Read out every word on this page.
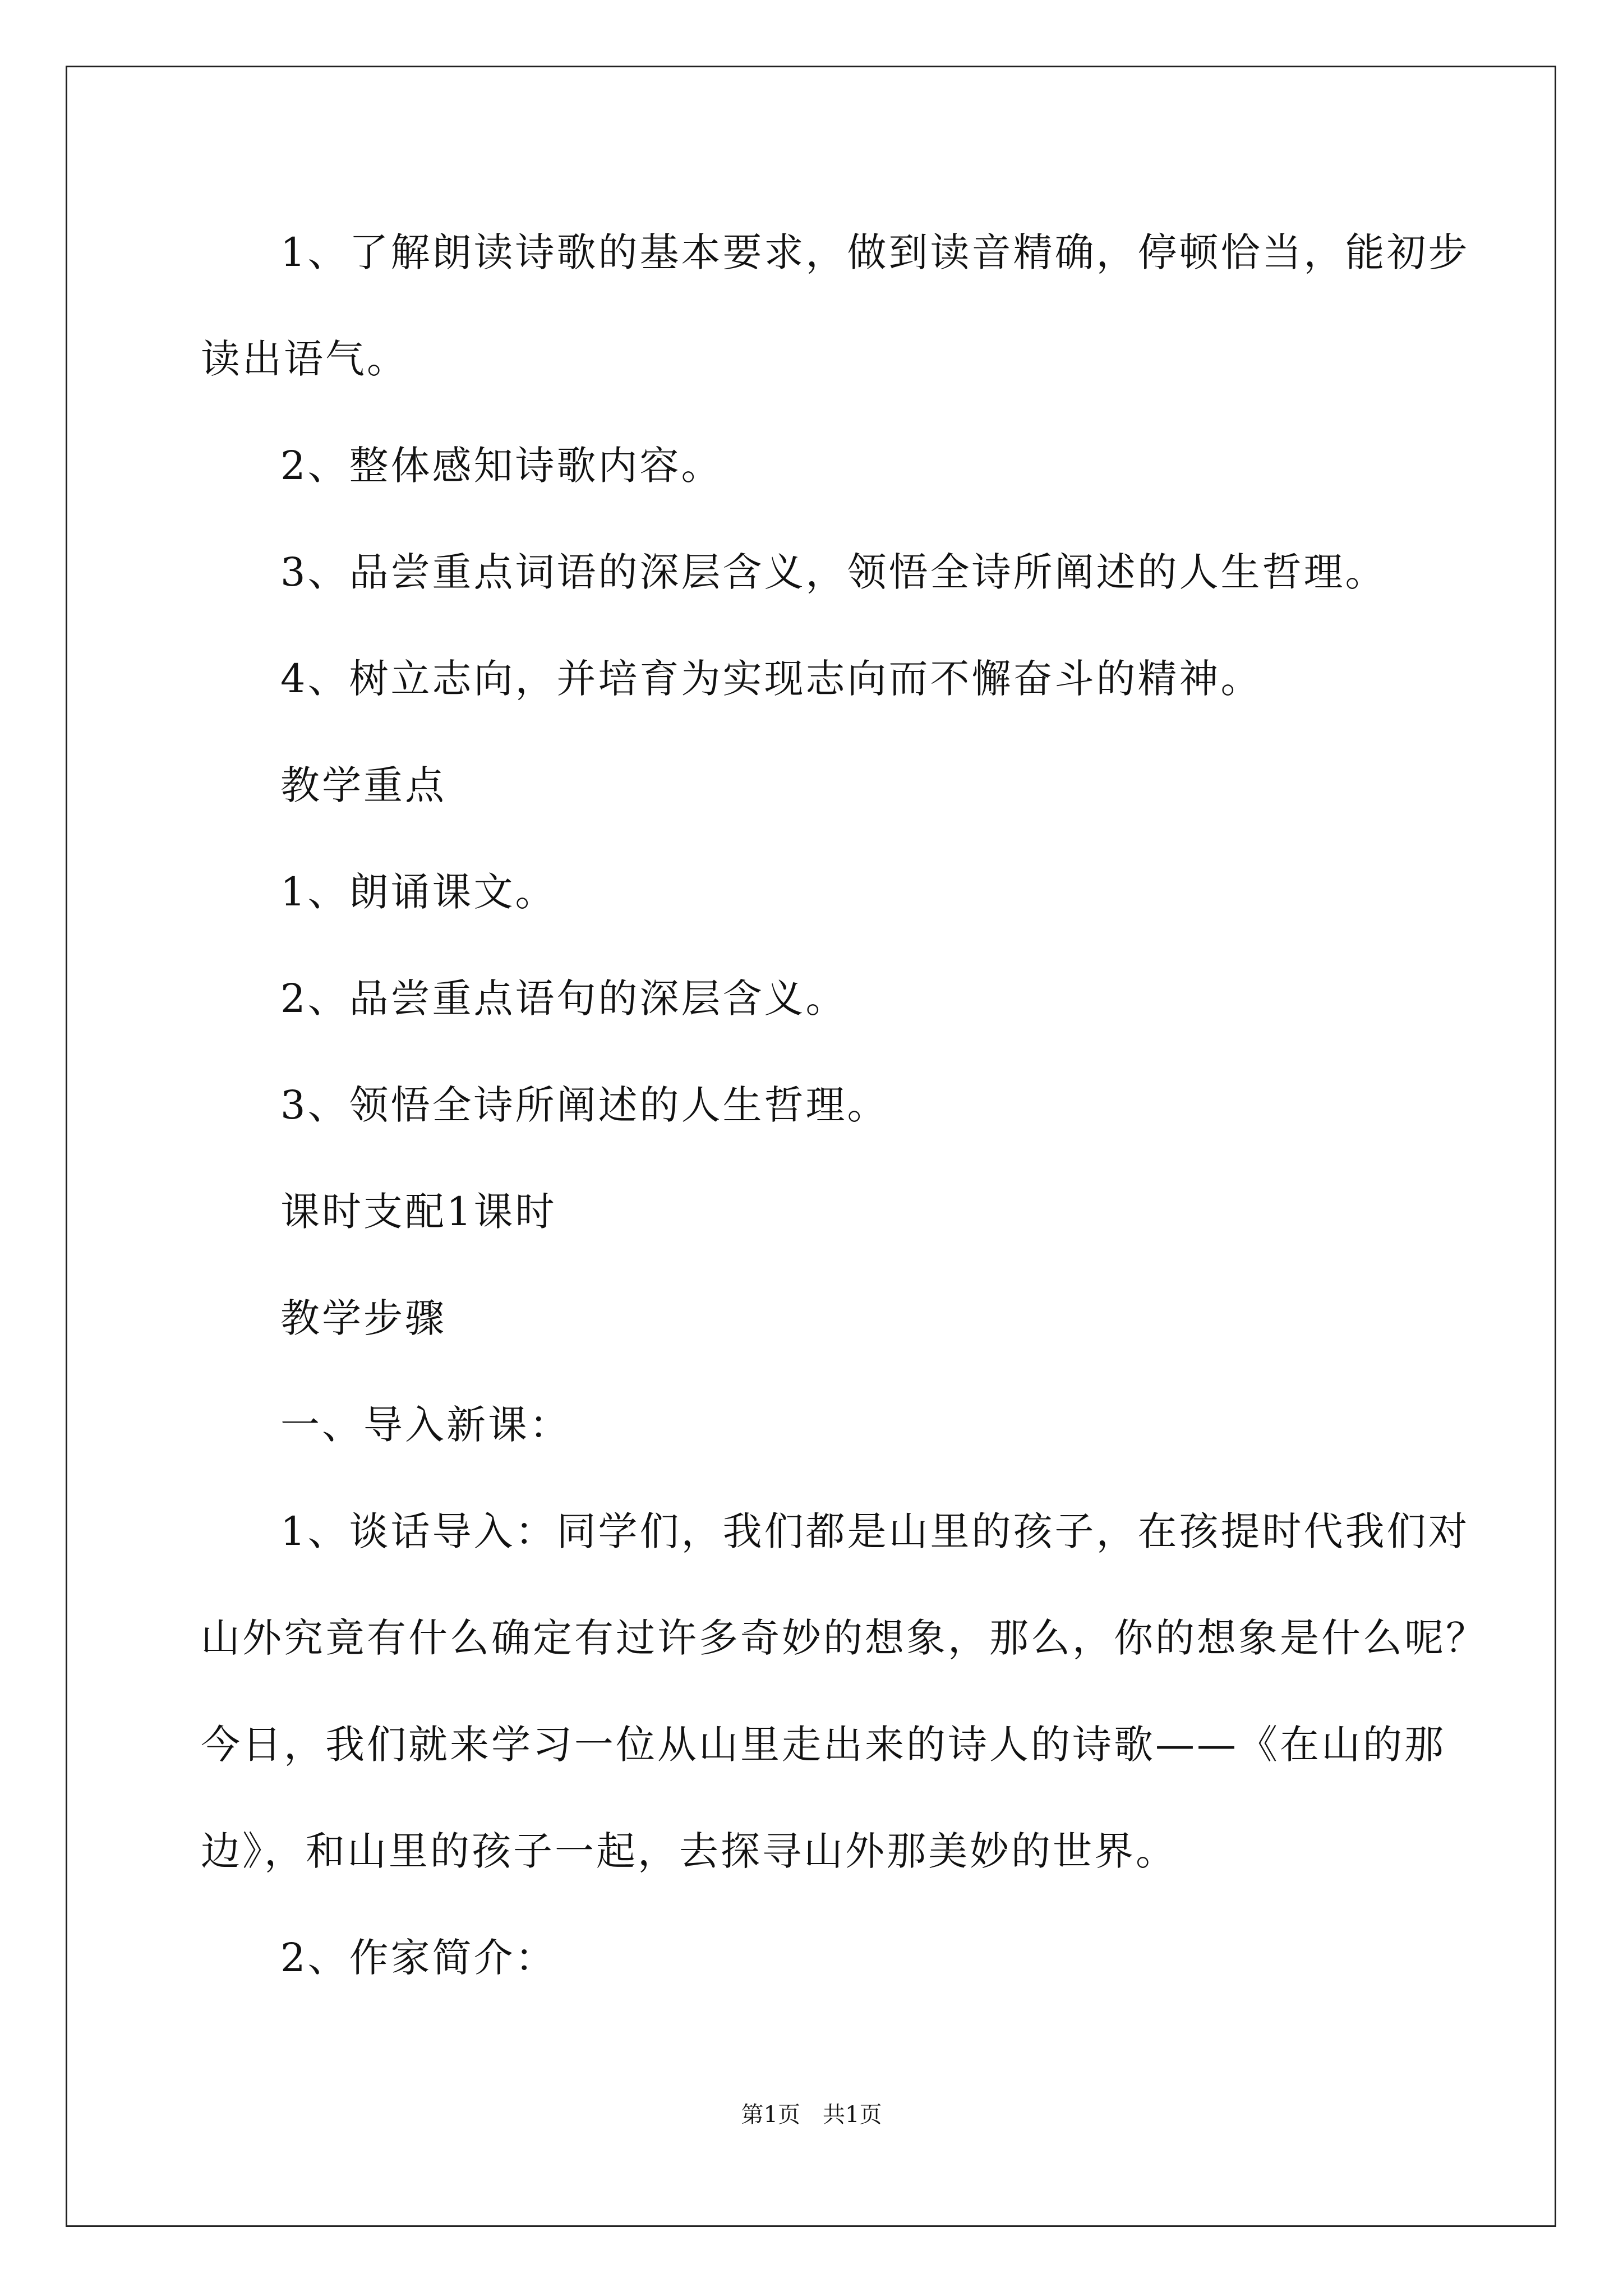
1、了解朗读诗歌的基本要求，做到读音精确，停顿恰当，能初步
读出语气。
2、整体感知诗歌内容。
3、品尝重点词语的深层含义，领悟全诗所阐述的人生哲理。
4、树立志向，并培育为实现志向而不懈奋斗的精神。
教学重点
1、朗诵课文。
2、品尝重点语句的深层含义。
3、领悟全诗所阐述的人生哲理。
课时支配1课时
教学步骤
一、导入新课：
1、谈话导入：同学们，我们都是山里的孩子，在孩提时代我们对
山外究竟有什么确定有过许多奇妙的想象，那么，你的想象是什么呢？
今日，我们就来学习一位从山里走出来的诗人的诗歌——《在山的那
边》，和山里的孩子一起，去探寻山外那美妙的世界。
2、作家简介：
第1页　共1页
